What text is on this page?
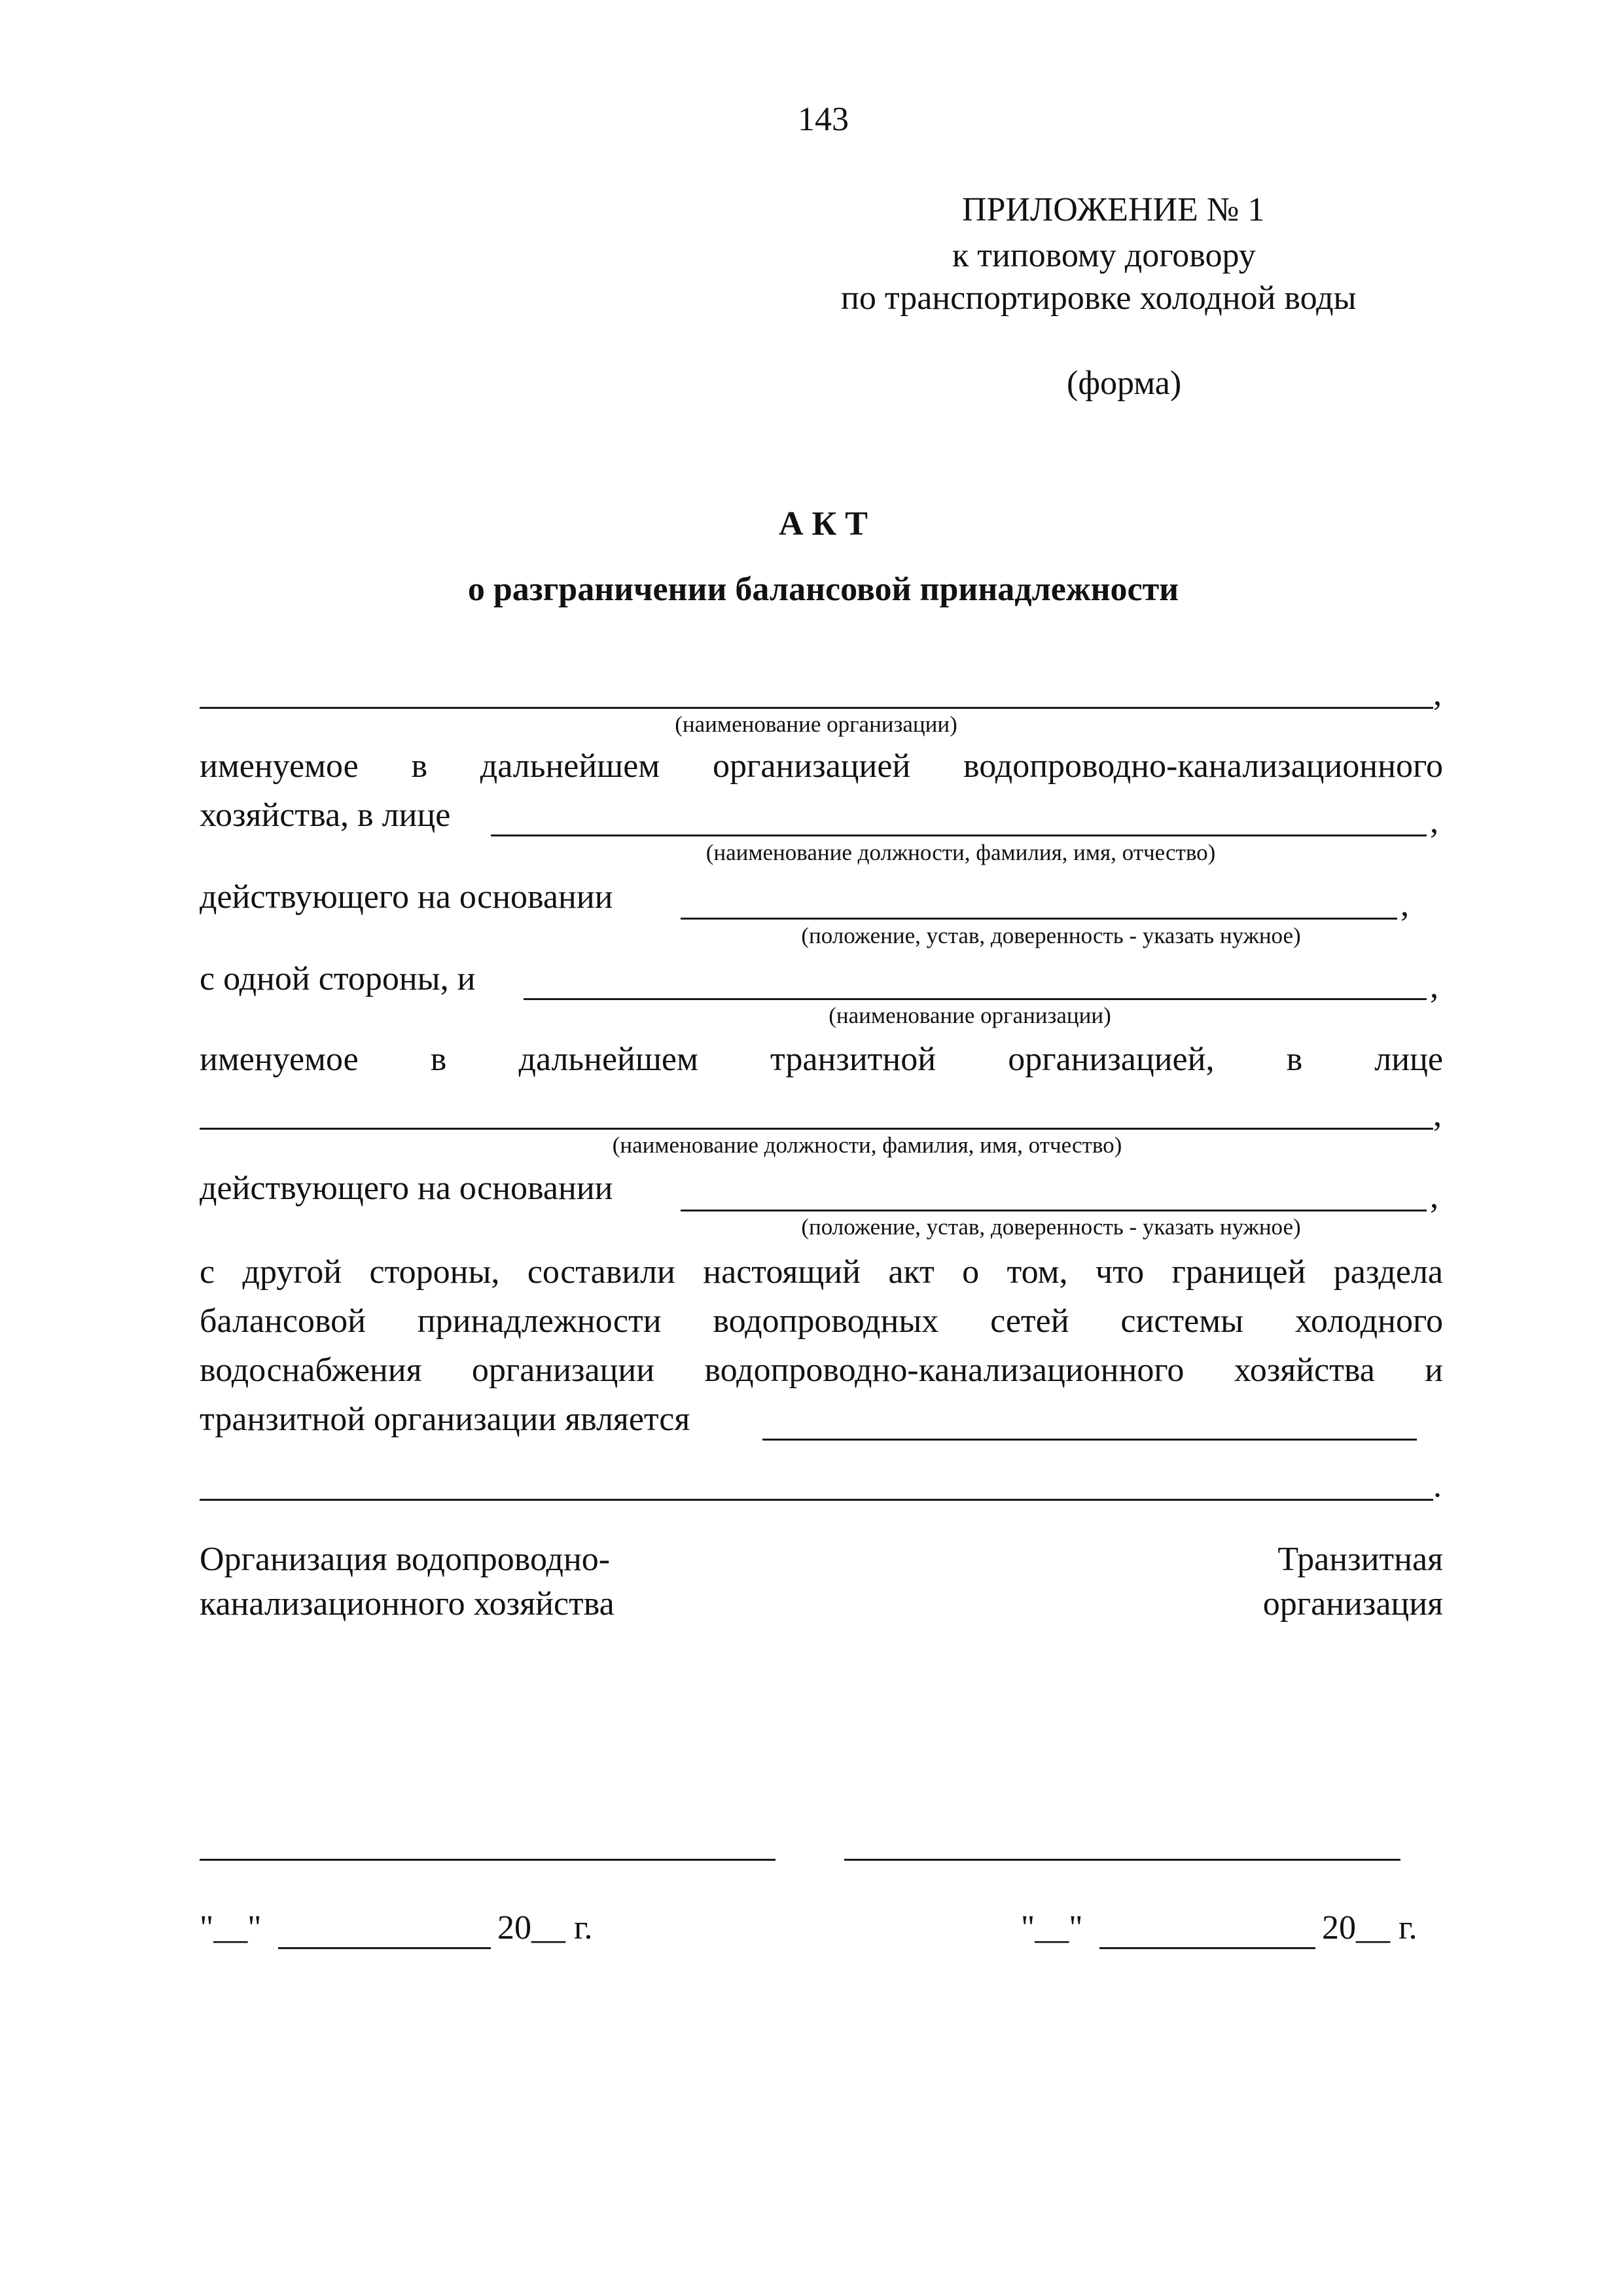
143
ПРИЛОЖЕНИЕ № 1
к типовому договору
по транспортировке холодной воды
(форма)
А К Т
о разграничении балансовой принадлежности
,
(наименование организации)
именуемое в дальнейшем организацией водопроводно-канализационного
хозяйства, в лице	,
(наименование должности, фамилия, имя, отчество)
действующего на основании	,
(положение, устав, доверенность - указать нужное)
с одной стороны, и	,
(наименование организации)
именуемое в дальнейшем транзитной организацией, в лице
,
(наименование должности, фамилия, имя, отчество)
действующего на основании	,
(положение, устав, доверенность - указать нужное)
с другой стороны, составили настоящий акт о том, что границей раздела
балансовой принадлежности водопроводных сетей системы холодного
водоснабжения организации водопроводно-канализационного хозяйства и
транзитной организации является
.
Организация водопроводно-
канализационного хозяйства
Транзитная
организация
"__"	20__ г.	"__"	20__ г.
